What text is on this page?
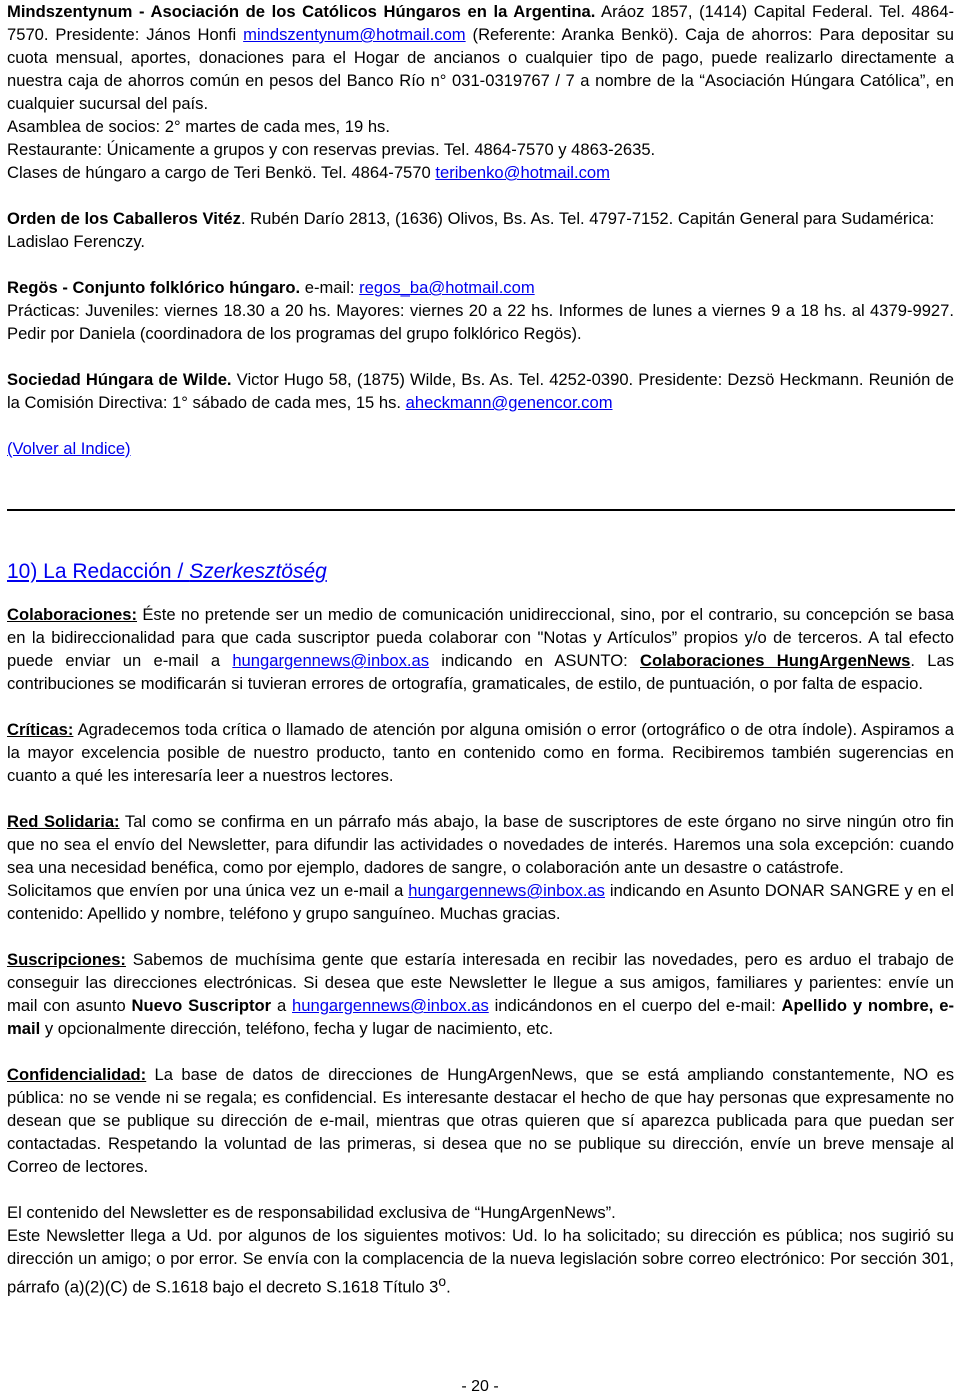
Mindszentynum - Asociación de los Católicos Húngaros en la Argentina. Aráoz 1857, (1414) Capital Federal. Tel. 4864-7570. Presidente: János Honfi mindszentynum@hotmail.com (Referente: Aranka Benkö). Caja de ahorros: Para depositar su cuota mensual, aportes, donaciones para el Hogar de ancianos o cualquier tipo de pago, puede realizarlo directamente a nuestra caja de ahorros común en pesos del Banco Río n° 031-0319767 / 7 a nombre de la “Asociación Húngara Católica”, en cualquier sucursal del país.

Asamblea de socios: 2° martes de cada mes, 19 hs.

Restaurante: Únicamente a grupos y con reservas previas. Tel. 4864-7570 y 4863-2635.

Clases de húngaro a cargo de Teri Benkö. Tel. 4864-7570 teribenko@hotmail.com

Orden de los Caballeros Vitéz. Rubén Darío 2813, (1636) Olivos, Bs. As. Tel. 4797-7152. Capitán General para Sudamérica: Ladislao Ferenczy.

Regös - Conjunto folklórico húngaro. e-mail: regos_ba@hotmail.com

Prácticas: Juveniles: viernes 18.30 a 20 hs. Mayores: viernes 20 a 22 hs. Informes de lunes a viernes 9 a 18 hs. al 4379-9927. Pedir por Daniela (coordinadora de los programas del grupo folklórico Regös).

Sociedad Húngara de Wilde. Victor Hugo 58, (1875) Wilde, Bs. As. Tel. 4252-0390. Presidente: Dezsö Heckmann. Reunión de la Comisión Directiva: 1° sábado de cada mes, 15 hs. aheckmann@genencor.com

(Volver al Indice)

10) La Redacción / Szerkesztöség

Colaboraciones: Éste no pretende ser un medio de comunicación unidireccional, sino, por el contrario, su concepción se basa en la bidireccionalidad para que cada suscriptor pueda colaborar con "Notas y Artículos” propios y/o de terceros. A tal efecto puede enviar un e-mail a hungargennews@inbox.as indicando en ASUNTO: Colaboraciones HungArgenNews. Las contribuciones se modificarán si tuvieran errores de ortografía, gramaticales, de estilo, de puntuación, o por falta de espacio.

Críticas: Agradecemos toda crítica o llamado de atención por alguna omisión o error (ortográfico o de otra índole). Aspiramos a la mayor excelencia posible de nuestro producto, tanto en contenido como en forma. Recibiremos también sugerencias en cuanto a qué les interesaría leer a nuestros lectores.

Red Solidaria: Tal como se confirma en un párrafo más abajo, la base de suscriptores de este órgano no sirve ningún otro fin que no sea el envío del Newsletter, para difundir las actividades o novedades de interés. Haremos una sola excepción: cuando sea una necesidad benéfica, como por ejemplo, dadores de sangre, o colaboración ante un desastre o catástrofe.

Solicitamos que envíen por una única vez un e-mail a hungargennews@inbox.as indicando en Asunto DONAR SANGRE y en el contenido: Apellido y nombre, teléfono y grupo sanguíneo. Muchas gracias.

Suscripciones: Sabemos de muchísima gente que estaría interesada en recibir las novedades, pero es arduo el trabajo de conseguir las direcciones electrónicas. Si desea que este Newsletter le llegue a sus amigos, familiares y parientes: envíe un mail con asunto Nuevo Suscriptor a hungargennews@inbox.as indicándonos en el cuerpo del e-mail: Apellido y nombre, e-mail y opcionalmente dirección, teléfono, fecha y lugar de nacimiento, etc.

Confidencialidad: La base de datos de direcciones de HungArgenNews, que se está ampliando constantemente, NO es pública: no se vende ni se regala; es confidencial. Es interesante destacar el hecho de que hay personas que expresamente no desean que se publique su dirección de e-mail, mientras que otras quieren que sí aparezca publicada para que puedan ser contactadas. Respetando la voluntad de las primeras, si desea que no se publique su dirección, envíe un breve mensaje al Correo de lectores.

El contenido del Newsletter es de responsabilidad exclusiva de “HungArgenNews”.

Este Newsletter llega a Ud. por algunos de los siguientes motivos: Ud. lo ha solicitado; su dirección es pública; nos sugirió su dirección un amigo; o por error. Se envía con la complacencia de la nueva legislación sobre correo electrónico: Por sección 301, párrafo (a)(2)(C) de S.1618 bajo el decreto S.1618 Título 3$^o$.

- 20 -
